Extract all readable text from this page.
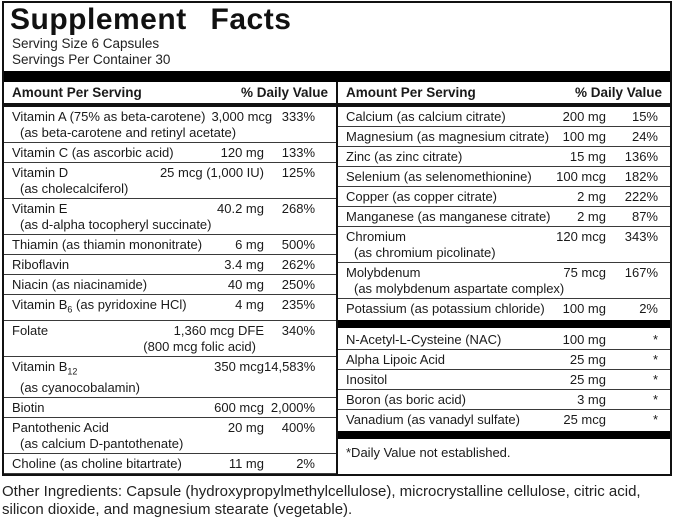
Supplement Facts
Serving Size 6 Capsules
Servings Per Container 30
Amount Per Serving	% Daily Value
Vitamin A (75% as beta-carotene) 3,000 mcg 333%
(as beta-carotene and retinyl acetate)
Vitamin C (as ascorbic acid)	120 mg	133%
Vitamin D	25 mcg (1,000 IU)	125%
(as cholecalciferol)
Vitamin E	40.2 mg	268%
(as d-alpha tocopheryl succinate)
Thiamin (as thiamin mononitrate)	6 mg	500%
Riboflavin	3.4 mg	262%
Niacin (as niacinamide)	40 mg	250%
Vitamin $B_6$ (as pyridoxine HCl)	4 mg	235%
Folate	1,360 mcg DFE	340%
(800 mcg folic acid)
Vitamin $B_{12}$	350 mcg 14,583%
(as cyanocobalamin)
Biotin	600 mcg 2,000%
Pantothenic Acid	20 mg	400%
(as calcium D-pantothenate)
Choline (as choline bitartrate)	11 mg	2%
Amount Per Serving	% Daily Value
Calcium (as calcium citrate)	200 mg	15%
Magnesium (as magnesium citrate)	100 mg	24%
Zinc (as zinc citrate)	15 mg	136%
Selenium (as selenomethionine)	100 mcg	182%
Copper (as copper citrate)	2 mg	222%
Manganese (as manganese citrate)	2 mg	87%
Chromium	120 mcg	343%
(as chromium picolinate)
Molybdenum	75 mcg	167%
(as molybdenum aspartate complex)
Potassium (as potassium chloride)	100 mg	2%
N-Acetyl-L-Cysteine (NAC)	100 mg	*
Alpha Lipoic Acid	25 mg	*
Inositol	25 mg	*
Boron (as boric acid)	3 mg	*
Vanadium (as vanadyl sulfate)	25 mcg	*
*Daily Value not established.
Other Ingredients: Capsule (hydroxypropylmethylcellulose), microcrystalline cellulose, citric acid, silicon dioxide, and magnesium stearate (vegetable).
